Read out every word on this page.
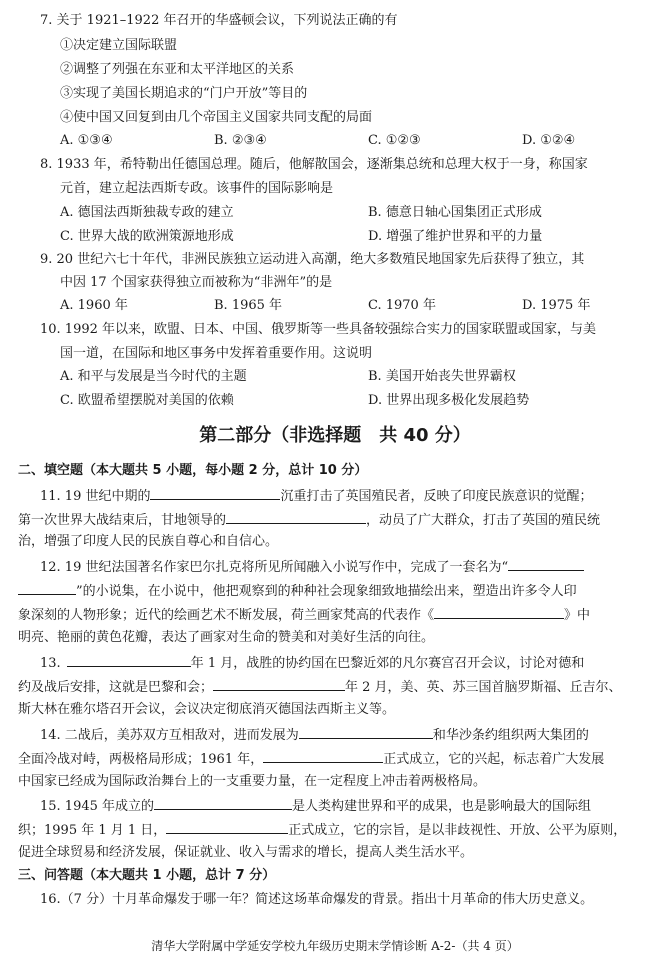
7. 关于 1921–1922 年召开的华盛顿会议，下列说法正确的有
①决定建立国际联盟
②调整了列强在东亚和太平洋地区的关系
③实现了美国长期追求的“门户开放”等目的
④使中国又回复到由几个帝国主义国家共同支配的局面
A. ①③④	B. ②③④	C. ①②③	D. ①②④
8. 1933 年，希特勒出任德国总理。随后，他解散国会，逐渐集总统和总理大权于一身，称国家
元首，建立起法西斯专政。该事件的国际影响是
A. 德国法西斯独裁专政的建立	B. 德意日轴心国集团正式形成
C. 世界大战的欧洲策源地形成	D. 增强了维护世界和平的力量
9. 20 世纪六七十年代，非洲民族独立运动进入高潮，绝大多数殖民地国家先后获得了独立，其
中因 17 个国家获得独立而被称为“非洲年”的是
A. 1960 年	B. 1965 年	C. 1970 年	D. 1975 年
10. 1992 年以来，欧盟、日本、中国、俄罗斯等一些具备较强综合实力的国家联盟或国家，与美
国一道，在国际和地区事务中发挥着重要作用。这说明
A. 和平与发展是当今时代的主题	B. 美国开始丧失世界霸权
C. 欧盟希望摆脱对美国的依赖	D. 世界出现多极化发展趋势
第二部分（非选择题　共 40 分）
二、填空题（本大题共 5 小题，每小题 2 分，总计 10 分）
11. 19 世纪中期的	沉重打击了英国殖民者，反映了印度民族意识的觉醒；
第一次世界大战结束后，甘地领导的	，动员了广大群众，打击了英国的殖民统
治，增强了印度人民的民族自尊心和自信心。
12. 19 世纪法国著名作家巴尔扎克将所见所闻融入小说写作中，完成了一套名为“
”的小说集，在小说中，他把观察到的种种社会现象细致地描绘出来，塑造出许多令人印
象深刻的人物形象；近代的绘画艺术不断发展，荷兰画家梵高的代表作《	》中
明亮、艳丽的黄色花瓣，表达了画家对生命的赞美和对美好生活的向往。
13.	年 1 月，战胜的协约国在巴黎近郊的凡尔赛宫召开会议，讨论对德和
约及战后安排，这就是巴黎和会；	年 2 月，美、英、苏三国首脑罗斯福、丘吉尔、
斯大林在雅尔塔召开会议，会议决定彻底消灭德国法西斯主义等。
14. 二战后，美苏双方互相敌对，进而发展为	和华沙条约组织两大集团的
全面冷战对峙，两极格局形成；1961 年，	正式成立，它的兴起，标志着广大发展
中国家已经成为国际政治舞台上的一支重要力量，在一定程度上冲击着两极格局。
15. 1945 年成立的	是人类构建世界和平的成果，也是影响最大的国际组
织；1995 年 1 月 1 日，	正式成立，它的宗旨，是以非歧视性、开放、公平为原则，
促进全球贸易和经济发展，保证就业、收入与需求的增长，提高人类生活水平。
三、问答题（本大题共 1 小题，总计 7 分）
16.（7 分）十月革命爆发于哪一年？简述这场革命爆发的背景。指出十月革命的伟大历史意义。
清华大学附属中学延安学校九年级历史期末学情诊断 A-2-（共 4 页）
